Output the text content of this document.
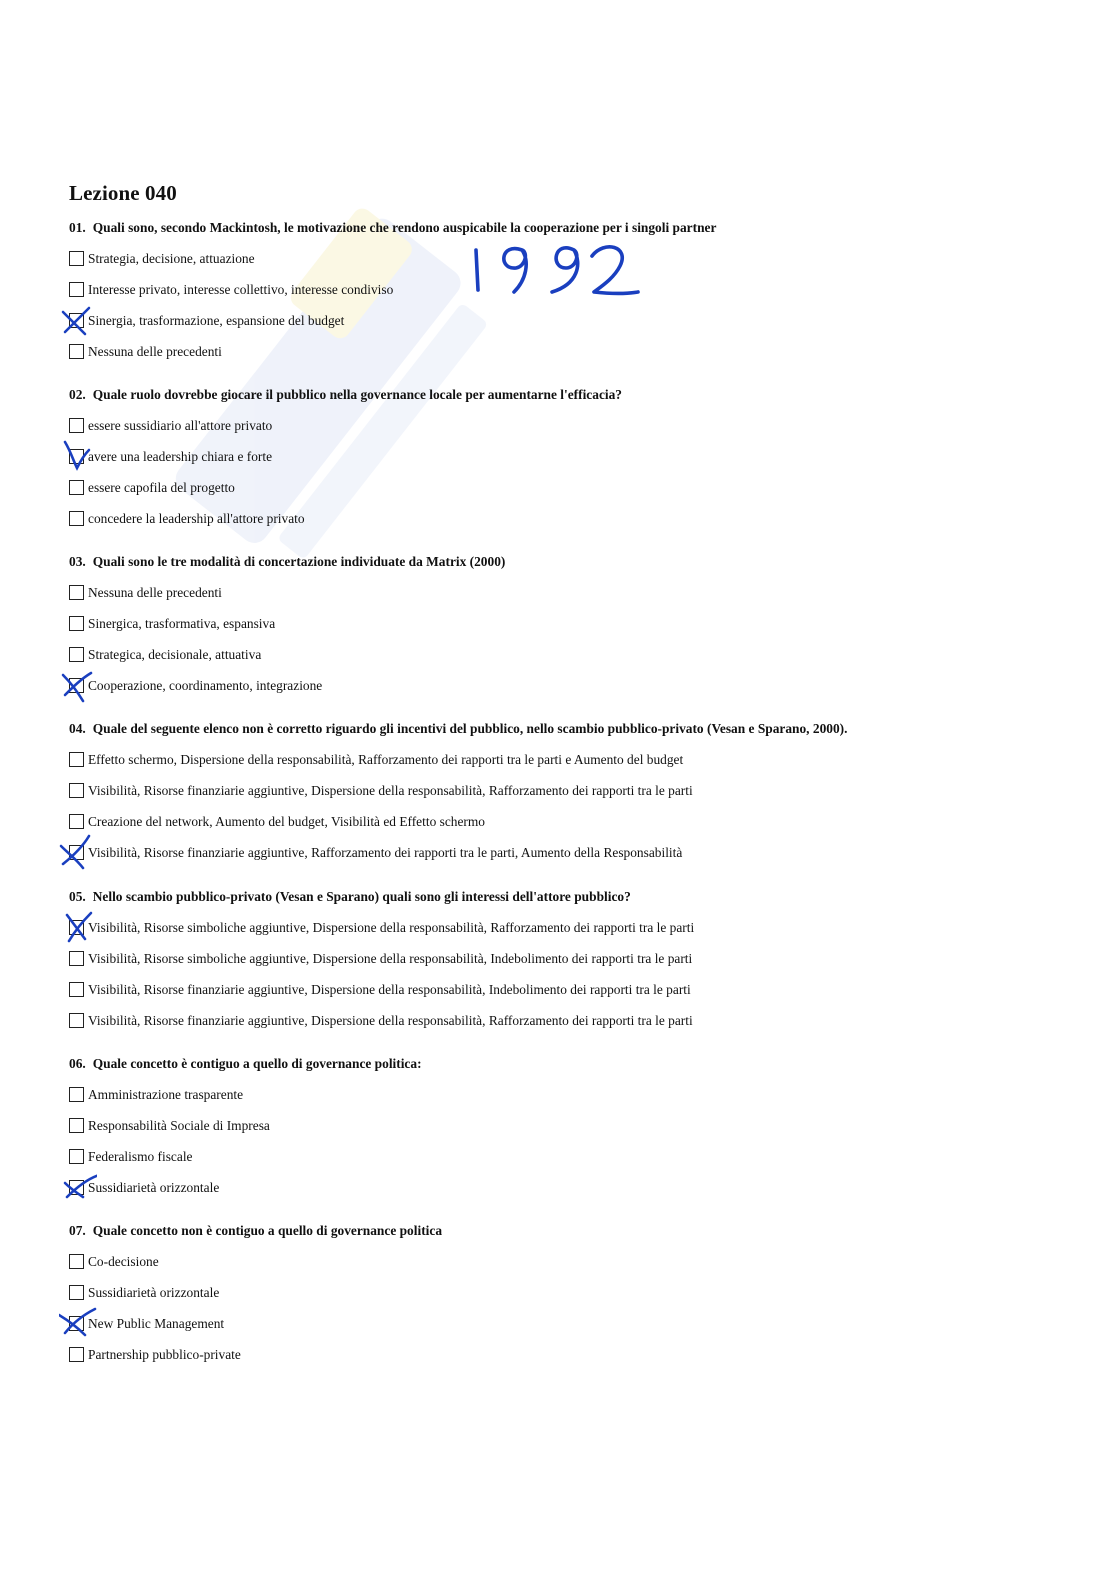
Lezione 040
01. Quali sono, secondo Mackintosh, le motivazione che rendono auspicabile la cooperazione per i singoli partner
Strategia, decisione, attuazione
Interesse privato, interesse collettivo, interesse condiviso
Sinergia, trasformazione, espansione del budget
Nessuna delle precedenti
02. Quale ruolo dovrebbe giocare il pubblico nella governance locale per aumentarne l'efficacia?
essere sussidiario all'attore privato
avere una leadership chiara e forte
essere capofila del progetto
concedere la leadership all'attore privato
03. Quali sono le tre modalità di concertazione individuate da Matrix (2000)
Nessuna delle precedenti
Sinergica, trasformativa, espansiva
Strategica, decisionale, attuativa
Cooperazione, coordinamento, integrazione
04. Quale del seguente elenco non è corretto riguardo gli incentivi del pubblico, nello scambio pubblico-privato (Vesan e Sparano, 2000).
Effetto schermo, Dispersione della responsabilità, Rafforzamento dei rapporti tra le parti e Aumento del budget
Visibilità, Risorse finanziarie aggiuntive, Dispersione della responsabilità, Rafforzamento dei rapporti tra le parti
Creazione del network, Aumento del budget, Visibilità ed Effetto schermo
Visibilità, Risorse finanziarie aggiuntive, Rafforzamento dei rapporti tra le parti, Aumento della Responsabilità
05. Nello scambio pubblico-privato (Vesan e Sparano) quali sono gli interessi dell'attore pubblico?
Visibilità, Risorse simboliche aggiuntive, Dispersione della responsabilità, Rafforzamento dei rapporti tra le parti
Visibilità, Risorse simboliche aggiuntive, Dispersione della responsabilità, Indebolimento dei rapporti tra le parti
Visibilità, Risorse finanziarie aggiuntive, Dispersione della responsabilità, Indebolimento dei rapporti tra le parti
Visibilità, Risorse finanziarie aggiuntive, Dispersione della responsabilità, Rafforzamento dei rapporti tra le parti
06. Quale concetto è contiguo a quello di governance politica:
Amministrazione trasparente
Responsabilità Sociale di Impresa
Federalismo fiscale
Sussidiarietà orizzontale
07. Quale concetto non è contiguo a quello di governance politica
Co-decisione
Sussidiarietà orizzontale
New Public Management
Partnership pubblico-private
